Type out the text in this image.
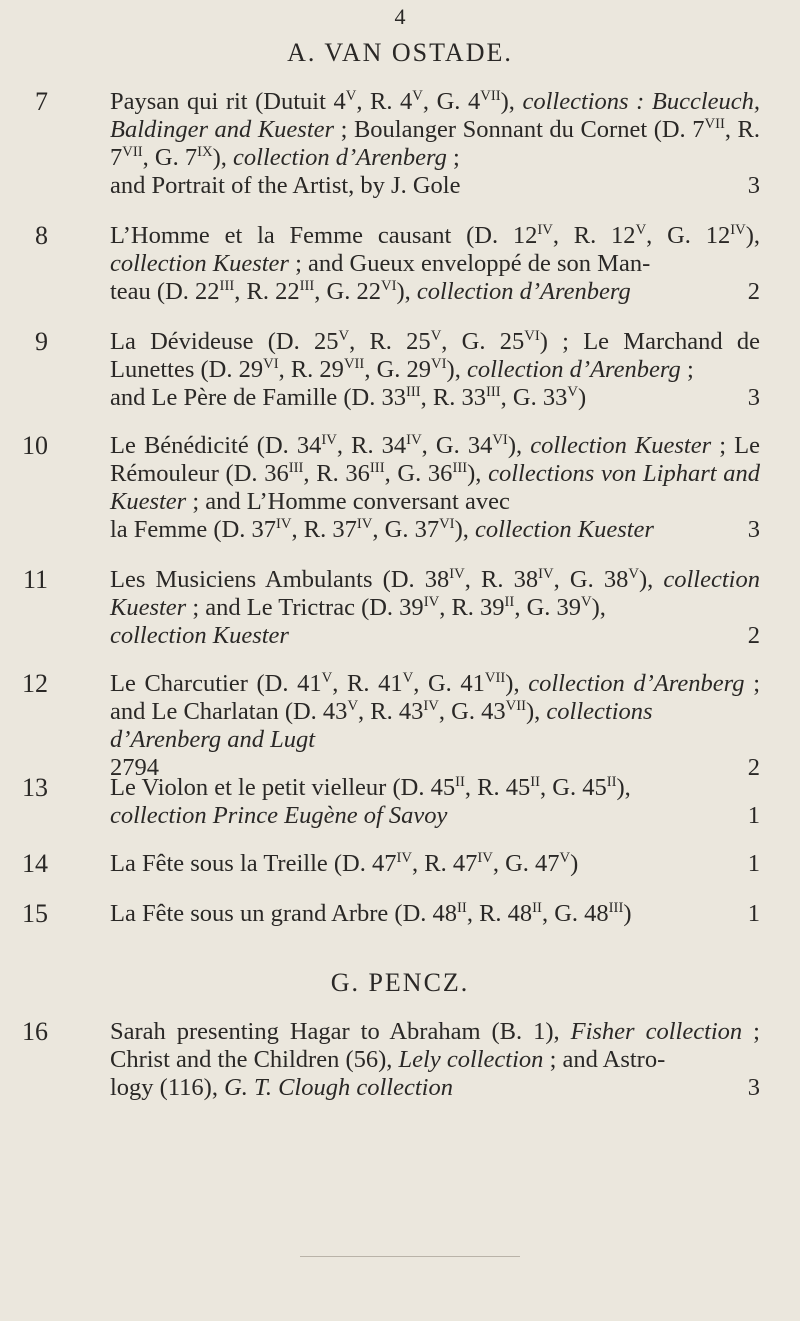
4
A. VAN OSTADE.
7	Paysan qui rit (Dutuit $4^V$, R. $4^V$, G. $4^{VII}$), collections : Buccleuch, Baldinger and Kuester ; Boulanger Sonnant du Cornet (D. $7^{VII}$, R. $7^{VII}$, G. $7^{IX}$), collection d’Arenberg ;
and Portrait of the Artist, by J. Gole	3
8	L’Homme et la Femme causant (D. $12^{IV}$, R. $12^V$, G. $12^{IV}$), collection Kuester ; and Gueux enveloppé de son Man-
teau (D. $22^{III}$, R. $22^{III}$, G. $22^{VI}$), collection d’Arenberg	2
9	La Dévideuse (D. $25^V$, R. $25^V$, G. $25^{VI}$) ; Le Marchand de Lunettes (D. $29^{VI}$, R. $29^{VII}$, G. $29^{VI}$), collection d’Arenberg ;
and Le Père de Famille (D. $33^{III}$, R. $33^{III}$, G. $33^V$)	3
10	Le Bénédicité (D. $34^{IV}$, R. $34^{IV}$, G. $34^{VI}$), collection Kuester ; Le Rémouleur (D. $36^{III}$, R. $36^{III}$, G. $36^{III}$), collections von Liphart and Kuester ; and L’Homme conversant avec
la Femme (D. $37^{IV}$, R. $37^{IV}$, G. $37^{VI}$), collection Kuester	3
11	Les Musiciens Ambulants (D. $38^{IV}$, R. $38^{IV}$, G. $38^V$), collection Kuester ; and Le Trictrac (D. $39^{IV}$, R. $39^{II}$, G. $39^V$),
collection Kuester	2
12	Le Charcutier (D. $41^V$, R. $41^V$, G. $41^{VII}$), collection d’Arenberg ; and Le Charlatan (D. $43^V$, R. $43^{IV}$, G. $43^{VII}$), collections
d’Arenberg and Lugt
2794	2
13	Le Violon et le petit vielleur (D. $45^{II}$, R. $45^{II}$, G. $45^{II}$),
collection Prince Eugène of Savoy	1
14	La Fête sous la Treille (D. $47^{IV}$, R. $47^{IV}$, G. $47^V$)	1
15	La Fête sous un grand Arbre (D. $48^{II}$, R. $48^{II}$, G. $48^{III}$)	1
G. PENCZ.
16	Sarah presenting Hagar to Abraham (B. 1), Fisher collection ; Christ and the Children (56), Lely collection ; and Astro-
logy (116), G. T. Clough collection	3
